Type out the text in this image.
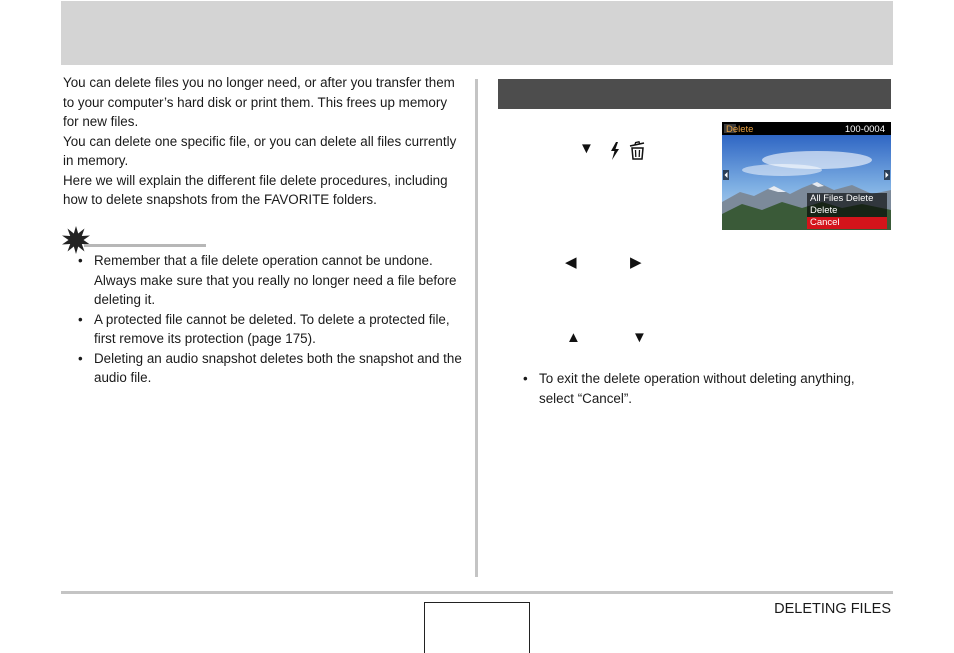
You can delete files you no longer need, or after you transfer them to your computer’s hard disk or print them. This frees up memory for new files.

You can delete one specific file, or you can delete all files currently in memory.

Here we will explain the different file delete procedures, including how to delete snapshots from the FAVORITE folders.

• Remember that a file delete operation cannot be undone. Always make sure that you really no longer need a file before deleting it.
• A protected file cannot be deleted. To delete a protected file, first remove its protection (page 175).
• Deleting an audio snapshot deletes both the snapshot and the audio file.
▼
Delete	100-0004
All Files Delete
Delete
Cancel
◀	▶
▲	▼
• To exit the delete operation without deleting anything, select “Cancel”.
DELETING FILES
